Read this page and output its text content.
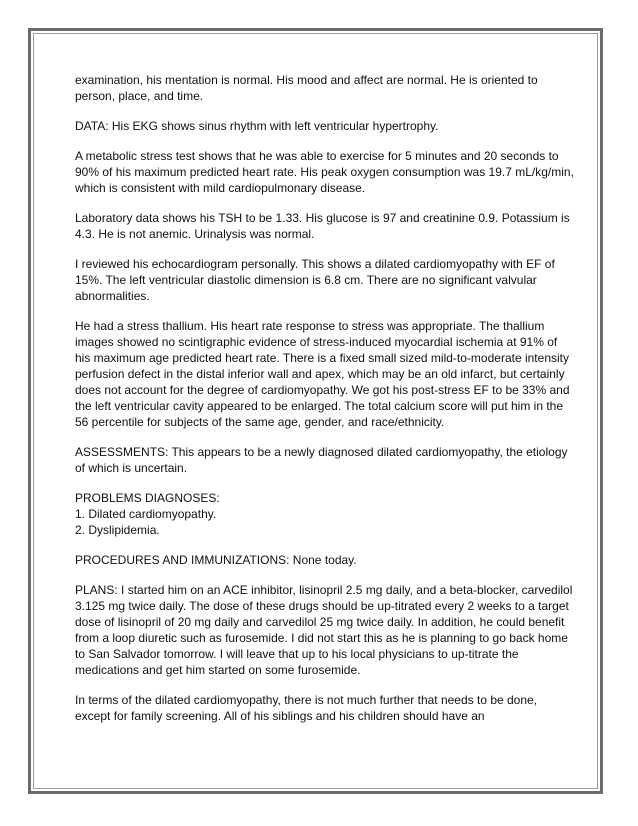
examination, his mentation is normal. His mood and affect are normal. He is oriented to person, place, and time.

DATA: His EKG shows sinus rhythm with left ventricular hypertrophy.

A metabolic stress test shows that he was able to exercise for 5 minutes and 20 seconds to 90% of his maximum predicted heart rate. His peak oxygen consumption was 19.7 mL/kg/min, which is consistent with mild cardiopulmonary disease.

Laboratory data shows his TSH to be 1.33. His glucose is 97 and creatinine 0.9. Potassium is 4.3. He is not anemic. Urinalysis was normal.

I reviewed his echocardiogram personally. This shows a dilated cardiomyopathy with EF of 15%. The left ventricular diastolic dimension is 6.8 cm. There are no significant valvular abnormalities.

He had a stress thallium. His heart rate response to stress was appropriate. The thallium images showed no scintigraphic evidence of stress-induced myocardial ischemia at 91% of his maximum age predicted heart rate. There is a fixed small sized mild-to-moderate intensity perfusion defect in the distal inferior wall and apex, which may be an old infarct, but certainly does not account for the degree of cardiomyopathy. We got his post-stress EF to be 33% and the left ventricular cavity appeared to be enlarged. The total calcium score will put him in the 56 percentile for subjects of the same age, gender, and race/ethnicity.

ASSESSMENTS: This appears to be a newly diagnosed dilated cardiomyopathy, the etiology of which is uncertain.

PROBLEMS DIAGNOSES:
1. Dilated cardiomyopathy.
2. Dyslipidemia.

PROCEDURES AND IMMUNIZATIONS: None today.

PLANS: I started him on an ACE inhibitor, lisinopril 2.5 mg daily, and a beta-blocker, carvedilol 3.125 mg twice daily. The dose of these drugs should be up-titrated every 2 weeks to a target dose of lisinopril of 20 mg daily and carvedilol 25 mg twice daily. In addition, he could benefit from a loop diuretic such as furosemide. I did not start this as he is planning to go back home to San Salvador tomorrow. I will leave that up to his local physicians to up-titrate the medications and get him started on some furosemide.

In terms of the dilated cardiomyopathy, there is not much further that needs to be done, except for family screening. All of his siblings and his children should have an
